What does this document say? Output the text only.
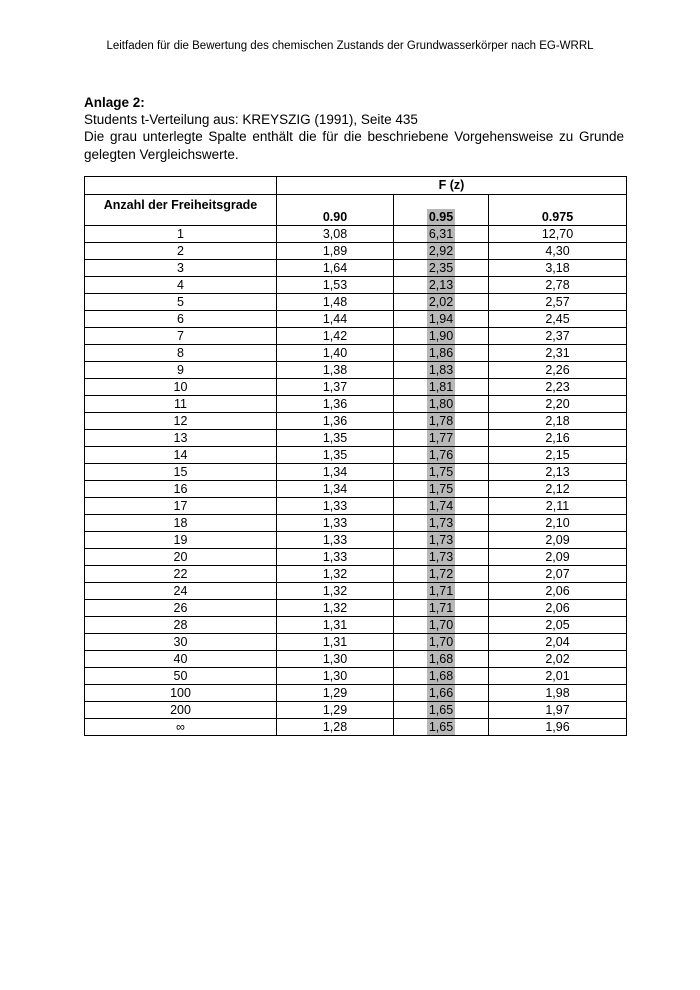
Leitfaden für die Bewertung des chemischen Zustands der Grundwasserkörper nach EG-WRRL

Anlage 2:

Students t-Verteilung aus: KREYSZIG (1991), Seite 435

Die grau unterlegte Spalte enthält die für die beschriebene Vorgehensweise zu Grunde gelegten Vergleichswerte.

	F (z)		
Anzahl der Freiheitsgrade	0.90	0.95	0.975
1	3,08	6,31	12,70
2	1,89	2,92	4,30
3	1,64	2,35	3,18
4	1,53	2,13	2,78
5	1,48	2,02	2,57
6	1,44	1,94	2,45
7	1,42	1,90	2,37
8	1,40	1,86	2,31
9	1,38	1,83	2,26
10	1,37	1,81	2,23
11	1,36	1,80	2,20
12	1,36	1,78	2,18
13	1,35	1,77	2,16
14	1,35	1,76	2,15
15	1,34	1,75	2,13
16	1,34	1,75	2,12
17	1,33	1,74	2,11
18	1,33	1,73	2,10
19	1,33	1,73	2,09
20	1,33	1,73	2,09
22	1,32	1,72	2,07
24	1,32	1,71	2,06
26	1,32	1,71	2,06
28	1,31	1,70	2,05
30	1,31	1,70	2,04
40	1,30	1,68	2,02
50	1,30	1,68	2,01
100	1,29	1,66	1,98
200	1,29	1,65	1,97
∞	1,28	1,65	1,96
